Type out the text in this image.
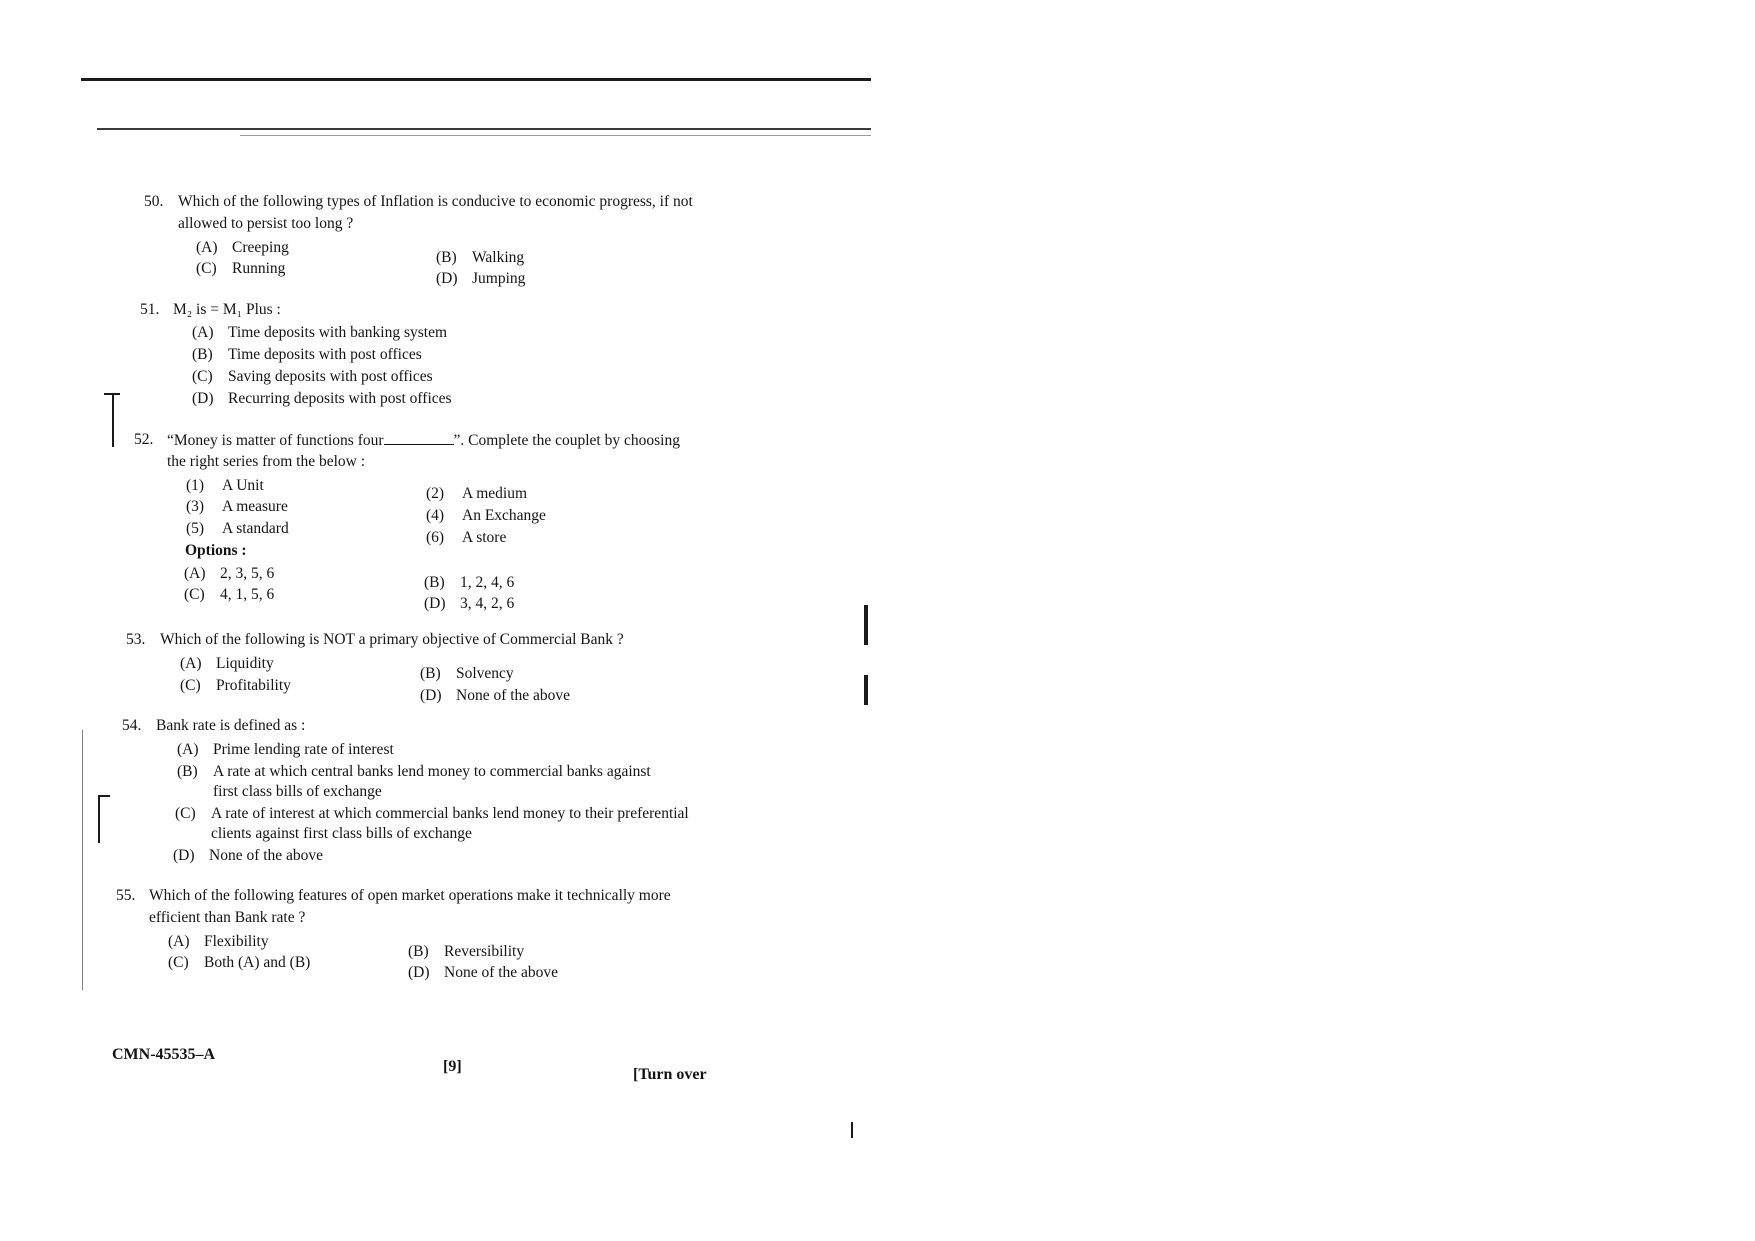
50. Which of the following types of Inflation is conducive to economic progress, if not
allowed to persist too long ?
(A) Creeping
(B) Walking
(C) Running
(D) Jumping
51. M₂ is = M₁ Plus :
(A) Time deposits with banking system
(B) Time deposits with post offices
(C) Saving deposits with post offices
(D) Recurring deposits with post offices
52. “Money is matter of functions four	”. Complete the couplet by choosing
the right series from the below :
(1) A Unit	(2) A medium
(3) A measure
(4) An Exchange
(5) A standard
(6) A store
Options :
(A) 2, 3, 5, 6
(B) 1, 2, 4, 6
(C) 4, 1, 5, 6
(D) 3, 4, 2, 6
53. Which of the following is NOT a primary objective of Commercial Bank ?
(A) Liquidity
(B) Solvency
(C) Profitability
(D) None of the above
54. Bank rate is defined as :
(A) Prime lending rate of interest
(B) A rate at which central banks lend money to commercial banks against
first class bills of exchange
(C) A rate of interest at which commercial banks lend money to their preferential
clients against first class bills of exchange
(D) None of the above
55. Which of the following features of open market operations make it technically more
efficient than Bank rate ?
(A) Flexibility
(B) Reversibility
(C) Both (A) and (B)
(D) None of the above
CMN-45535–A
[9]	[Turn over
